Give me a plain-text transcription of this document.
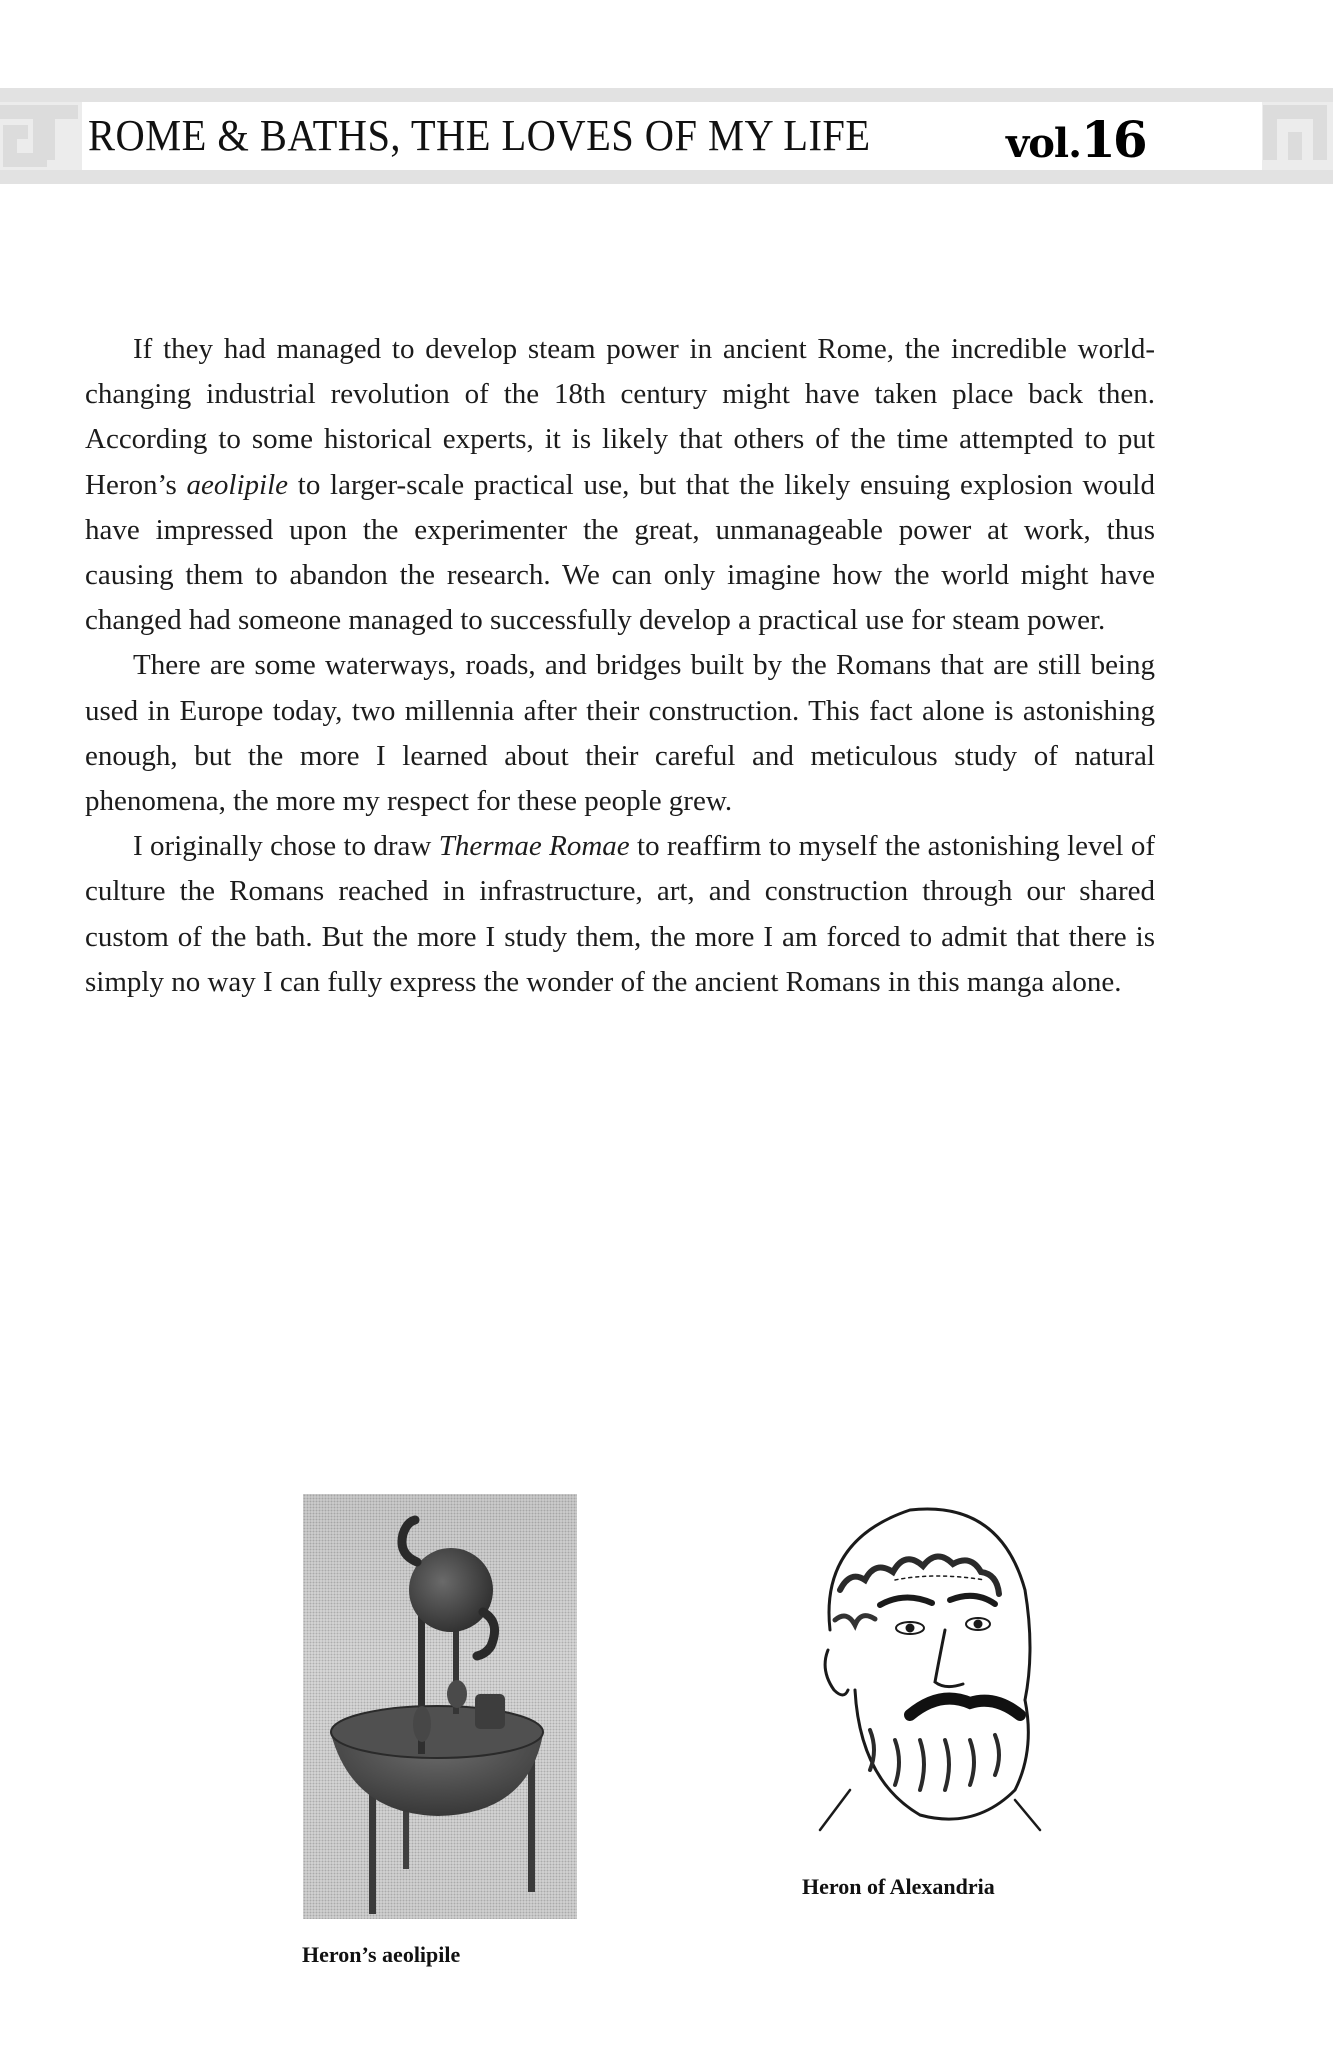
ROME & BATHS, THE LOVES OF MY LIFE	vol.16

If they had managed to develop steam power in ancient Rome, the incredible world-changing industrial revolution of the 18th century might have taken place back then. According to some historical experts, it is likely that others of the time attempted to put Heron’s aeolipile to larger-scale practical use, but that the likely ensuing explosion would have impressed upon the experimenter the great, unmanageable power at work, thus causing them to abandon the research. We can only imagine how the world might have changed had someone managed to successfully develop a practical use for steam power.

There are some waterways, roads, and bridges built by the Romans that are still being used in Europe today, two millennia after their construction. This fact alone is astonishing enough, but the more I learned about their careful and meticulous study of natural phenomena, the more my respect for these people grew.

I originally chose to draw Thermae Romae to reaffirm to myself the astonishing level of culture the Romans reached in infrastructure, art, and construction through our shared custom of the bath. But the more I study them, the more I am forced to admit that there is simply no way I can fully express the wonder of the ancient Romans in this manga alone.

Heron’s aeolipile
Heron of Alexandria
